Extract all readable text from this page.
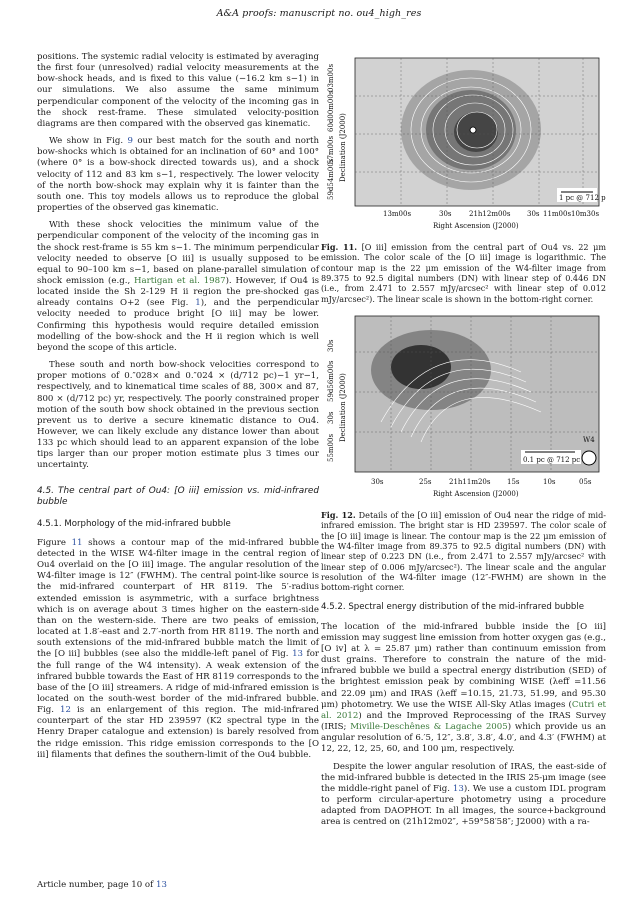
A&A proofs: manuscript no. ou4_high_res

positions. The systemic radial velocity is estimated by averaging the first four (unresolved) radial velocity measurements at the bow-shock heads, and is fixed to this value (−16.2 km s−1) in our simulations. We also assume the same minimum perpendicular component of the velocity of the incoming gas in the shock rest-frame. These simulated velocity-position diagrams are then compared with the observed gas kinematic.

We show in Fig. 9 our best match for the south and north bow-shocks which is obtained for an inclination of 60° and 100° (where 0° is a bow-shock directed towards us), and a shock velocity of 112 and 83 km s−1, respectively. The lower velocity of the north bow-shock may explain why it is fainter than the south one. This toy models allows us to reproduce the global properties of the observed gas kinematic.

With these shock velocities the minimum value of the perpendicular component of the velocity of the incoming gas in the shock rest-frame is 55 km s−1. The minimum perpendicular velocity needed to observe [O iii] is usually supposed to be equal to 90–100 km s−1, based on plane-parallel simulation of shock emission (e.g., Hartigan et al. 1987). However, if Ou4 is located inside the Sh 2-129 H ii region the pre-shocked gas already contains O+2 (see Fig. 1), and the perpendicular velocity needed to produce bright [O iii] may be lower. Confirming this hypothesis would require detailed emission modelling of the bow-shock and the H ii region which is well beyond the scope of this article.

These south and north bow-shock velocities correspond to proper motions of 0.″028× and 0.″024 × (d/712 pc)−1 yr−1, respectively, and to kinematical time scales of 88, 300× and 87, 800 × (d/712 pc) yr, respectively. The poorly constrained proper motion of the south bow shock obtained in the previous section prevent us to derive a secure kinematic distance to Ou4. However, we can likely exclude any distance lower than about 133 pc which should lead to an apparent expansion of the lobe tips larger than our proper motion estimate plus 3 times our uncertainty.

4.5. The central part of Ou4: [O iii] emission vs. mid-infrared bubble
4.5.1. Morphology of the mid-infrared bubble

Figure 11 shows a contour map of the mid-infrared bubble detected in the WISE W4-filter image in the central region of Ou4 overlaid on the [O iii] image. The angular resolution of the W4-filter image is 12″ (FWHM). The central point-like source is the mid-infrared counterpart of HR 8119. The 5′-radius extended emission is asymmetric, with a surface brightness which is on average about 3 times higher on the eastern-side than on the western-side. There are two peaks of emission, located at 1.8′-east and 2.7′-north from HR 8119. The north and south extensions of the mid-infrared bubble match the limit of the [O iii] bubbles (see also the middle-left panel of Fig. 13 for the full range of the W4 intensity). A weak extension of the infrared bubble towards the East of HR 8119 corresponds to the base of the [O iii] streamers. A ridge of mid-infrared emission is located on the south-west border of the mid-infrared bubble. Fig. 12 is an enlargement of this region. The mid-infrared counterpart of the star HD 239597 (K2 spectral type in the Henry Draper catalogue and extension) is barely resolved from the ridge emission. This ridge emission corresponds to the [O iii] filaments that defines the southern-limit of the Ou4 bubble.

1 pc @ 712 pc
59d54m00s
57m00s
60d00m00s
03m00s
Declination (J2000)
13m00s	30s	21h12m00s 30s 11m00s 10m30s
Right Ascension (J2000)
Fig. 11. [O iii] emission from the central part of Ou4 vs. 22 μm emission. The color scale of the [O iii] image is logarithmic. The contour map is the 22 μm emission of the W4-filter image from 89.375 to 92.5 digital numbers (DN) with linear step of 0.446 DN (i.e., from 2.471 to 2.557 mJy/arcsec² with linear step of 0.012 mJy/arcsec²). The linear scale is shown in the bottom-right corner.
0.1 pc @ 712 pc
W4
55m00s
30s
59d56m00s
30s
Declination (J2000)
30s	25s	21h11m20s 15s	10s	05s
Right Ascension (J2000)
Fig. 12. Details of the [O iii] emission of Ou4 near the ridge of mid-infrared emission. The bright star is HD 239597. The color scale of the [O iii] image is linear. The contour map is the 22 μm emission of the W4-filter image from 89.375 to 92.5 digital numbers (DN) with linear step of 0.223 DN (i.e., from 2.471 to 2.557 mJy/arcsec² with linear step of 0.006 mJy/arcsec²). The linear scale and the angular resolution of the W4-filter image (12″-FWHM) are shown in the bottom-right corner.
4.5.2. Spectral energy distribution of the mid-infrared bubble

The location of the mid-infrared bubble inside the [O iii] emission may suggest line emission from hotter oxygen gas (e.g., [O iv] at λ = 25.87 μm) rather than continuum emission from dust grains. Therefore to constrain the nature of the mid-infrared bubble we build a spectral energy distribution (SED) of the brightest emission peak by combining WISE (λeff =11.56 and 22.09 μm) and IRAS (λeff =10.15, 21.73, 51.99, and 95.30 μm) photometry. We use the WISE All-Sky Atlas images (Cutri et al. 2012) and the Improved Reprocessing of the IRAS Survey (IRIS; Miville-Deschênes & Lagache 2005) which provide us an angular resolution of 6.′5, 12″, 3.8′, 3.8′, 4.0′, and 4.3′ (FWHM) at 12, 22, 12, 25, 60, and 100 μm, respectively.

Despite the lower angular resolution of IRAS, the east-side of the mid-infrared bubble is detected in the IRIS 25-μm image (see the middle-right panel of Fig. 13). We use a custom IDL program to perform circular-aperture photometry using a procedure adapted from DAOPHOT. In all images, the source+background area is centred on (21h12m02″, +59°58′58″; J2000) with a ra-

Article number, page 10 of 13
